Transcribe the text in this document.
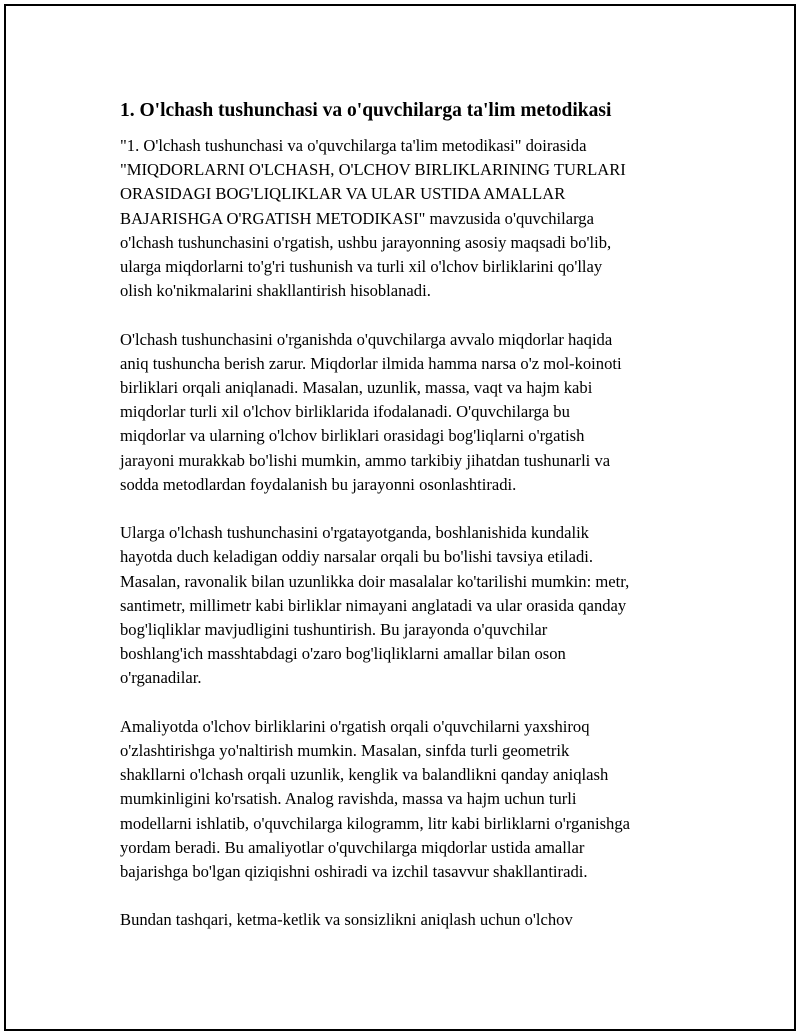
1. O'lchash tushunchasi va o'quvchilarga ta'lim metodikasi
"1. O'lchash tushunchasi va o'quvchilarga ta'lim metodikasi" doirasida
"MIQDORLARNI O'LCHASH, O'LCHOV BIRLIKLARINING TURLARI
ORASIDAGI BOG'LIQLIKLAR VA ULAR USTIDA AMALLAR
BAJARISHGA O'RGATISH METODIKASI" mavzusida o'quvchilarga
o'lchash tushunchasini o'rgatish, ushbu jarayonning asosiy maqsadi bo'lib,
ularga miqdorlarni to'g'ri tushunish va turli xil o'lchov birliklarini qo'llay
olish ko'nikmalarini shakllantirish hisoblanadi.
O'lchash tushunchasini o'rganishda o'quvchilarga avvalo miqdorlar haqida
aniq tushuncha berish zarur. Miqdorlar ilmida hamma narsa o'z mol-koinoti
birliklari orqali aniqlanadi. Masalan, uzunlik, massa, vaqt va hajm kabi
miqdorlar turli xil o'lchov birliklarida ifodalanadi. O'quvchilarga bu
miqdorlar va ularning o'lchov birliklari orasidagi bog'liqlarni o'rgatish
jarayoni murakkab bo'lishi mumkin, ammo tarkibiy jihatdan tushunarli va
sodda metodlardan foydalanish bu jarayonni osonlashtiradi.
Ularga o'lchash tushunchasini o'rgatayotganda, boshlanishida kundalik
hayotda duch keladigan oddiy narsalar orqali bu bo'lishi tavsiya etiladi.
Masalan, ravonalik bilan uzunlikka doir masalalar ko'tarilishi mumkin: metr,
santimetr, millimetr kabi birliklar nimayani anglatadi va ular orasida qanday
bog'liqliklar mavjudligini tushuntirish. Bu jarayonda o'quvchilar
boshlang'ich masshtabdagi o'zaro bog'liqliklarni amallar bilan oson
o'rganadilar.
Amaliyotda o'lchov birliklarini o'rgatish orqali o'quvchilarni yaxshiroq
o'zlashtirishga yo'naltirish mumkin. Masalan, sinfda turli geometrik
shakllarni o'lchash orqali uzunlik, kenglik va balandlikni qanday aniqlash
mumkinligini ko'rsatish. Analog ravishda, massa va hajm uchun turli
modellarni ishlatib, o'quvchilarga kilogramm, litr kabi birliklarni o'rganishga
yordam beradi. Bu amaliyotlar o'quvchilarga miqdorlar ustida amallar
bajarishga bo'lgan qiziqishni oshiradi va izchil tasavvur shakllantiradi.
Bundan tashqari, ketma-ketlik va sonsizlikni aniqlash uchun o'lchov
